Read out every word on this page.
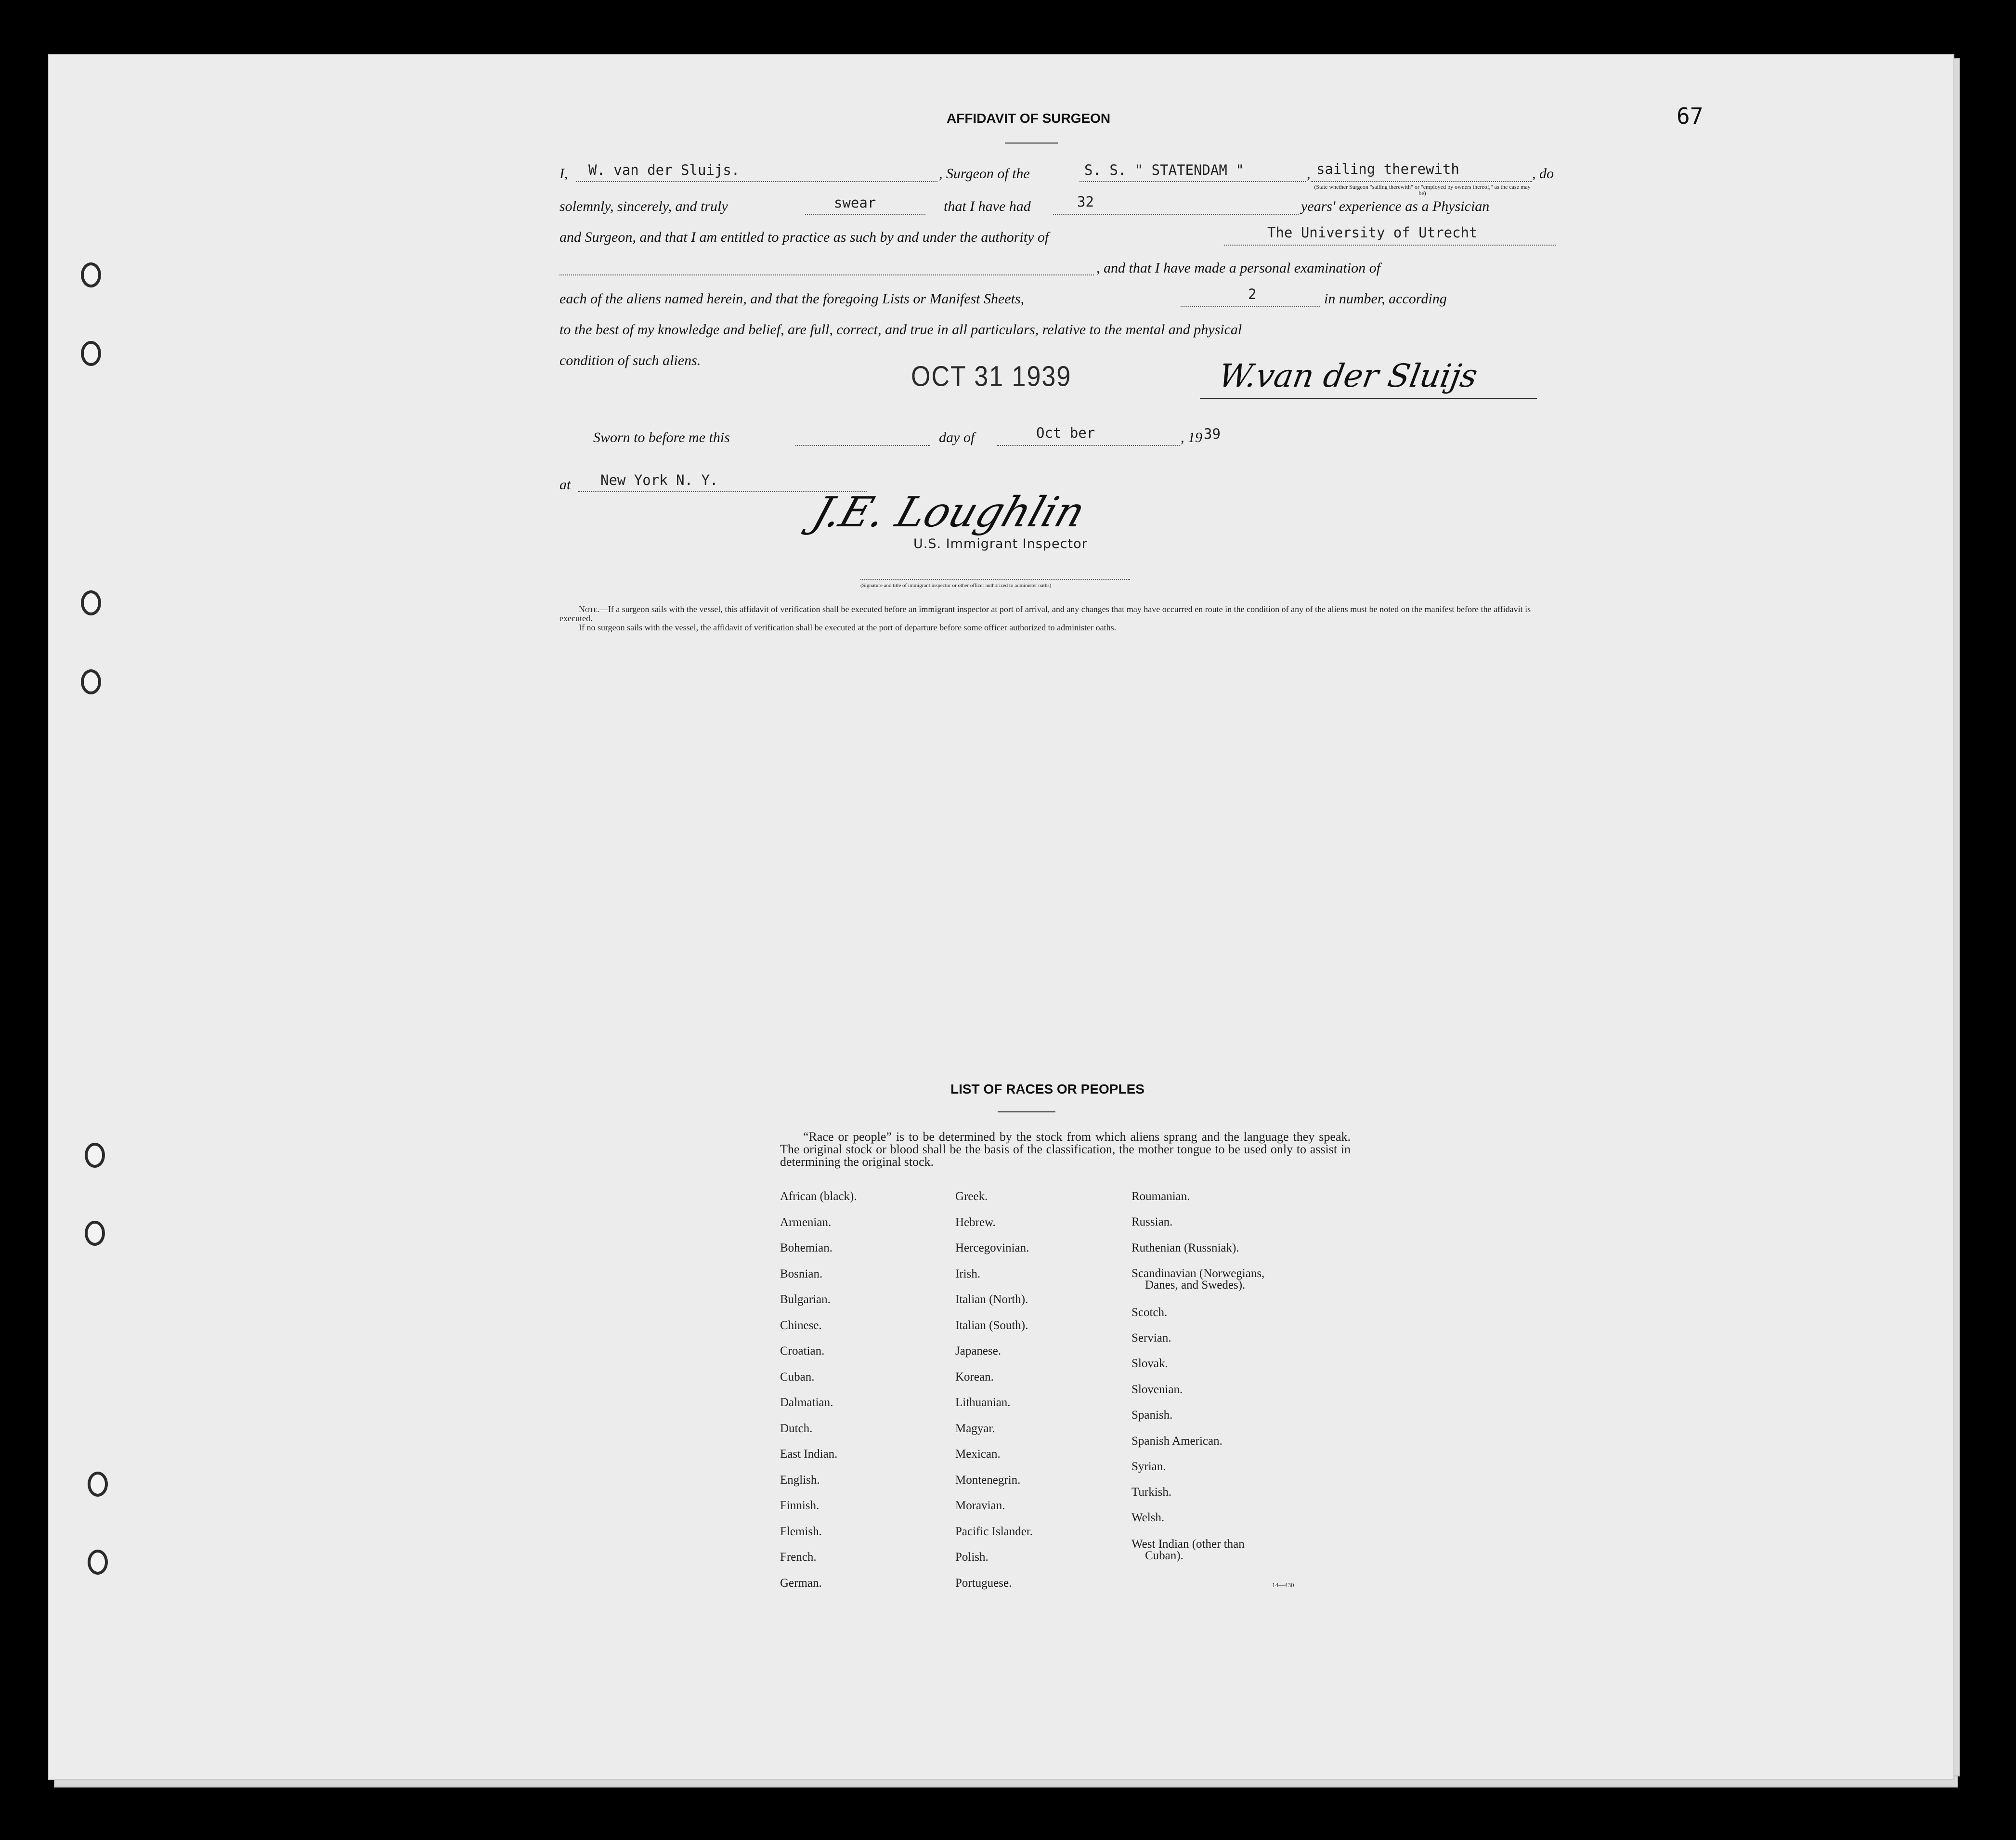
67
AFFIDAVIT OF SURGEON
I, W. van der Sluijs.	, Surgeon of the	S. S. " STATENDAM "	, sailing therewith	, do
(State whether Surgeon "sailing therewith" or "employed by owners thereof," as the case may be)
solemnly, sincerely, and truly	swear	that I have had	32	years' experience as a Physician
and Surgeon, and that I am entitled to practice as such by and under the authority of	The University of Utrecht
, and that I have made a personal examination of
each of the aliens named herein, and that the foregoing Lists or Manifest Sheets,	2	in number, according
to the best of my knowledge and belief, are full, correct, and true in all particulars, relative to the mental and physical
condition of such aliens.
OCT 31 1939	W.van der Sluijs
Sworn to before me this	day of	Oct ber	, 19 39
at New York N. Y.
J.E. Loughlin
U.S. Immigrant Inspector
(Signature and title of immigrant inspector or other officer authorized to administer oaths)
Note.—If a surgeon sails with the vessel, this affidavit of verification shall be executed before an immigrant inspector at port of arrival, and any changes that may have occurred en route in the condition of any of the aliens must be noted on the manifest before the affidavit is executed.
If no surgeon sails with the vessel, the affidavit of verification shall be executed at the port of departure before some officer authorized to administer oaths.
LIST OF RACES OR PEOPLES
“Race or people” is to be determined by the stock from which aliens sprang and the language they speak. The original stock or blood shall be the basis of the classification, the mother tongue to be used only to assist in determining the original stock.
African (black).
Armenian.
Bohemian.
Bosnian.
Bulgarian.
Chinese.
Croatian.
Cuban.
Dalmatian.
Dutch.
East Indian.
English.
Finnish.
Flemish.
French.
German.
Greek.
Hebrew.
Hercegovinian.
Irish.
Italian (North).
Italian (South).
Japanese.
Korean.
Lithuanian.
Magyar.
Mexican.
Montenegrin.
Moravian.
Pacific Islander.
Polish.
Portuguese.
Roumanian.
Russian.
Ruthenian (Russniak).
Scandinavian (Norwegians,
Danes, and Swedes).
Scotch.
Servian.
Slovak.
Slovenian.
Spanish.
Spanish American.
Syrian.
Turkish.
Welsh.
West Indian (other than
Cuban).
14—430
